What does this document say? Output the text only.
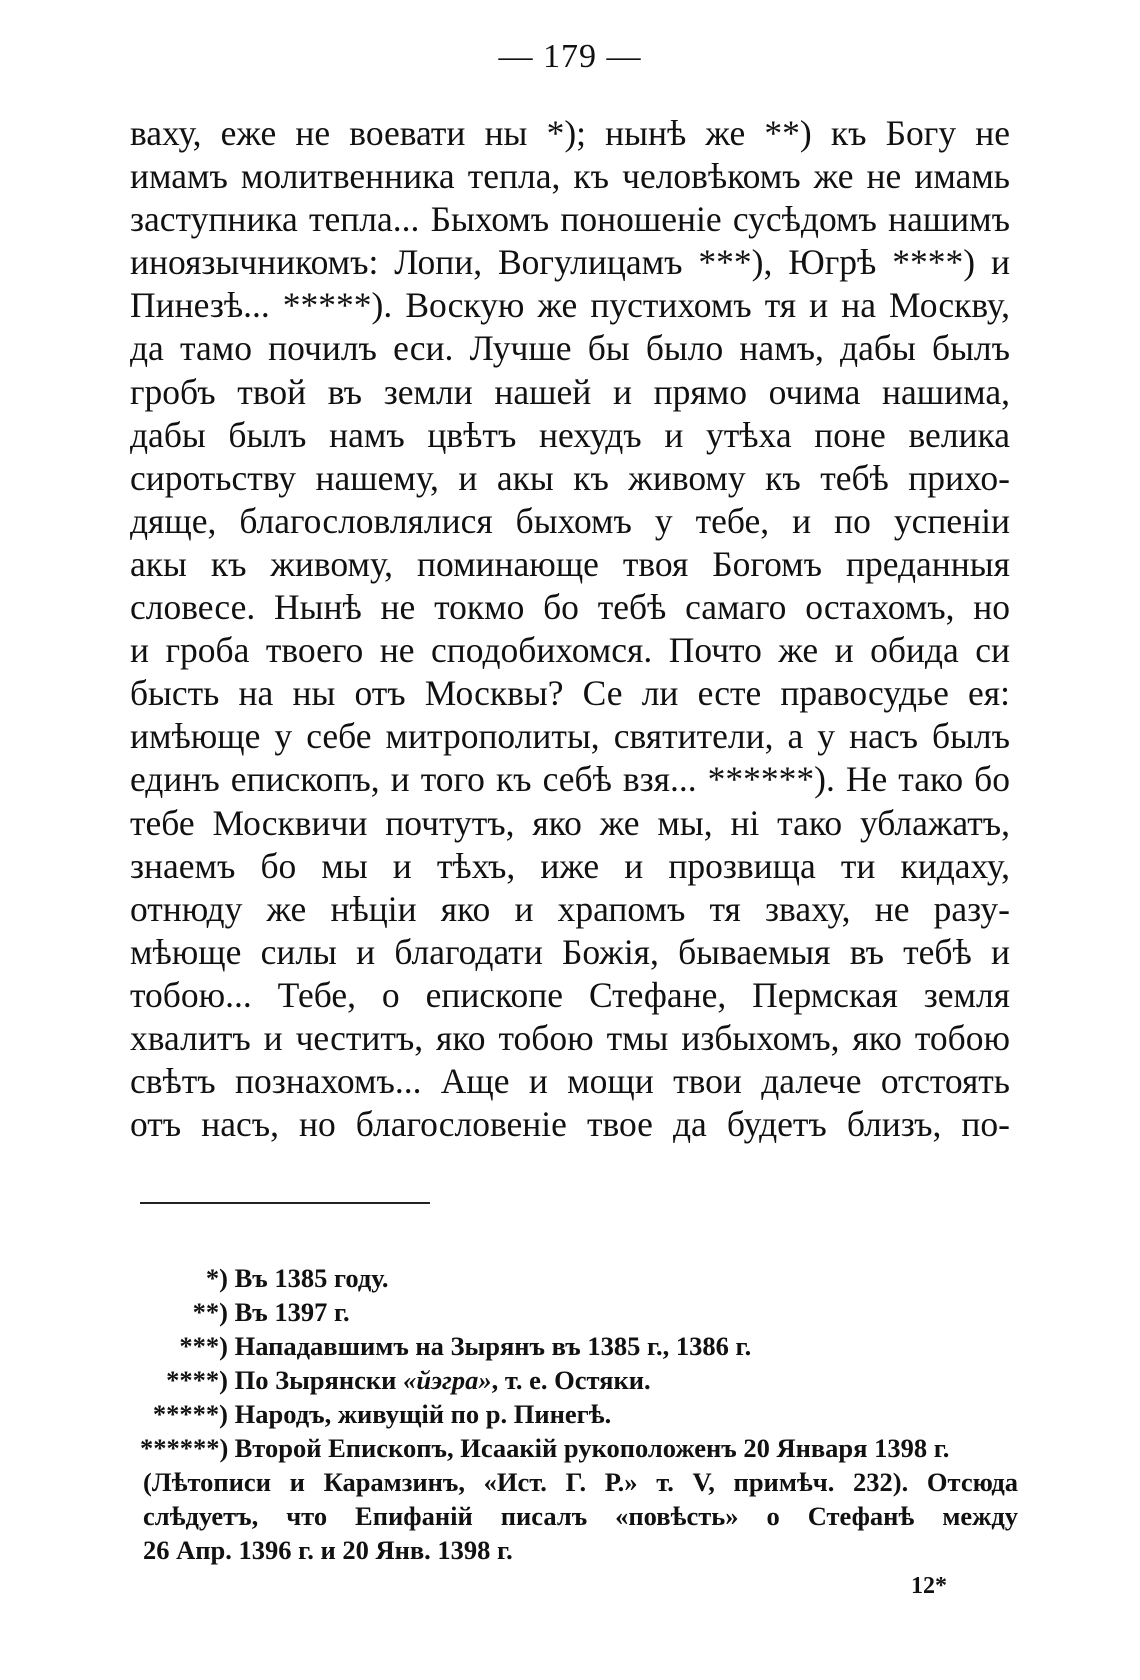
— 179 —
ваху, еже не воевати ны *); нынѣ же **) къ Богу не
имамъ молитвенника тепла, къ человѣкомъ же не имамь
заступника тепла... Быхомъ поношенiе сусѣдомъ нашимъ
иноязычникомъ: Лопи, Вогулицамъ ***), Югрѣ ****) и
Пинезѣ... *****). Воскую же пустихомъ тя и на Москву,
да тамо почилъ еси. Лучше бы было намъ, дабы былъ
гробъ твой въ земли нашей и прямо очима нашима,
дабы былъ намъ цвѣтъ нехудъ и утѣха поне велика
сиротьству нашему, и акы къ живому къ тебѣ прихо-
дяще, благословлялися быхомъ у тебе, и по успенiи
акы къ живому, поминающе твоя Богомъ преданныя
словесе. Нынѣ не токмо бо тебѣ самаго остахомъ, но
и гроба твоего не сподобихомся. Почто же и обида си
бысть на ны отъ Москвы? Се ли есте правосудье ея:
имѣюще у себе митрополиты, святители, а у насъ былъ
единъ епископъ, и того къ себѣ взя... ******). Не тако бо
тебе Москвичи почтутъ, яко же мы, нi тако ублажатъ,
знаемъ бо мы и тѣхъ, иже и прозвища ти кидаху,
отнюду же нѣцiи яко и храпомъ тя зваху, не разу-
мѣюще силы и благодати Божiя, бываемыя въ тебѣ и
тобою... Тебе, о епископе Стефане, Пермская земля
хвалитъ и честитъ, яко тобою тмы избыхомъ, яко тобою
свѣтъ познахомъ... Аще и мощи твои далече отстоять
отъ насъ, но благословенiе твое да будетъ близъ, по-
*) Въ 1385 году.
**) Въ 1397 г.
***) Нападавшимъ на Зырянъ въ 1385 г., 1386 г.
****) По Зырянски «йэгра», т. е. Остяки.
*****) Народъ, живущiй по р. Пинегѣ.
******) Второй Епископъ, Исаакiй рукоположенъ 20 Января 1398 г.
(Лѣтописи и Карамзинъ, «Ист. Г. Р.» т. V, примѣч. 232). Отсюда
слѣдуетъ, что Епифанiй писалъ «повѣсть» о Стефанѣ между
26 Апр. 1396 г. и 20 Янв. 1398 г.
12*
